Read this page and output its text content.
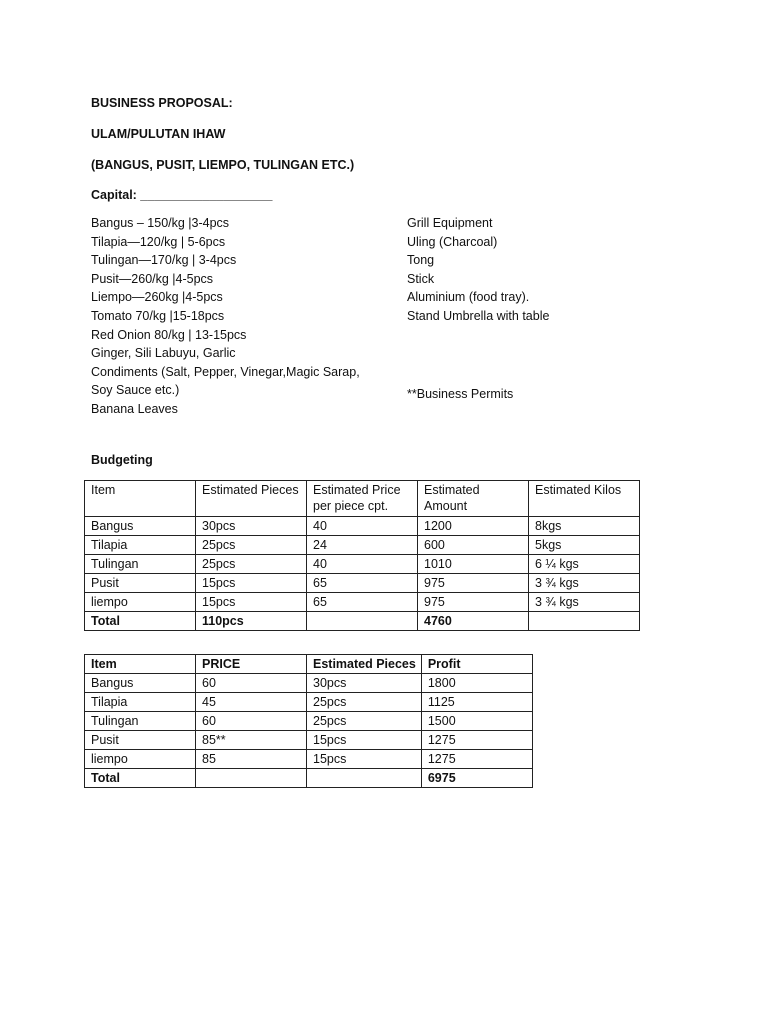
BUSINESS PROPOSAL:
ULAM/PULUTAN IHAW
(BANGUS, PUSIT, LIEMPO, TULINGAN ETC.)
Capital: ___________________
Bangus – 150/kg |3-4pcs
Tilapia—120/kg | 5-6pcs
Tulingan—170/kg | 3-4pcs
Pusit—260/kg |4-5pcs
Liempo—260kg |4-5pcs
Tomato 70/kg |15-18pcs
Red Onion 80/kg | 13-15pcs
Ginger, Sili Labuyu, Garlic
Condiments (Salt, Pepper, Vinegar,Magic Sarap,
Soy Sauce etc.)
Banana Leaves
Grill Equipment
Uling (Charcoal)
Tong
Stick
Aluminium (food tray).
Stand Umbrella with table
**Business Permits
Budgeting
Item	Estimated Pieces	Estimated Price per piece cpt.	Estimated Amount	Estimated Kilos
Bangus	30pcs	40	1200	8kgs
Tilapia	25pcs	24	600	5kgs
Tulingan	25pcs	40	1010	6 ¼ kgs
Pusit	15pcs	65	975	3 ¾ kgs
liempo	15pcs	65	975	3 ¾ kgs
Total	110pcs		4760	
Item	PRICE	Estimated Pieces	Profit
Bangus	60	30pcs	1800
Tilapia	45	25pcs	1125
Tulingan	60	25pcs	1500
Pusit	85**	15pcs	1275
liempo	85	15pcs	1275
Total			6975
